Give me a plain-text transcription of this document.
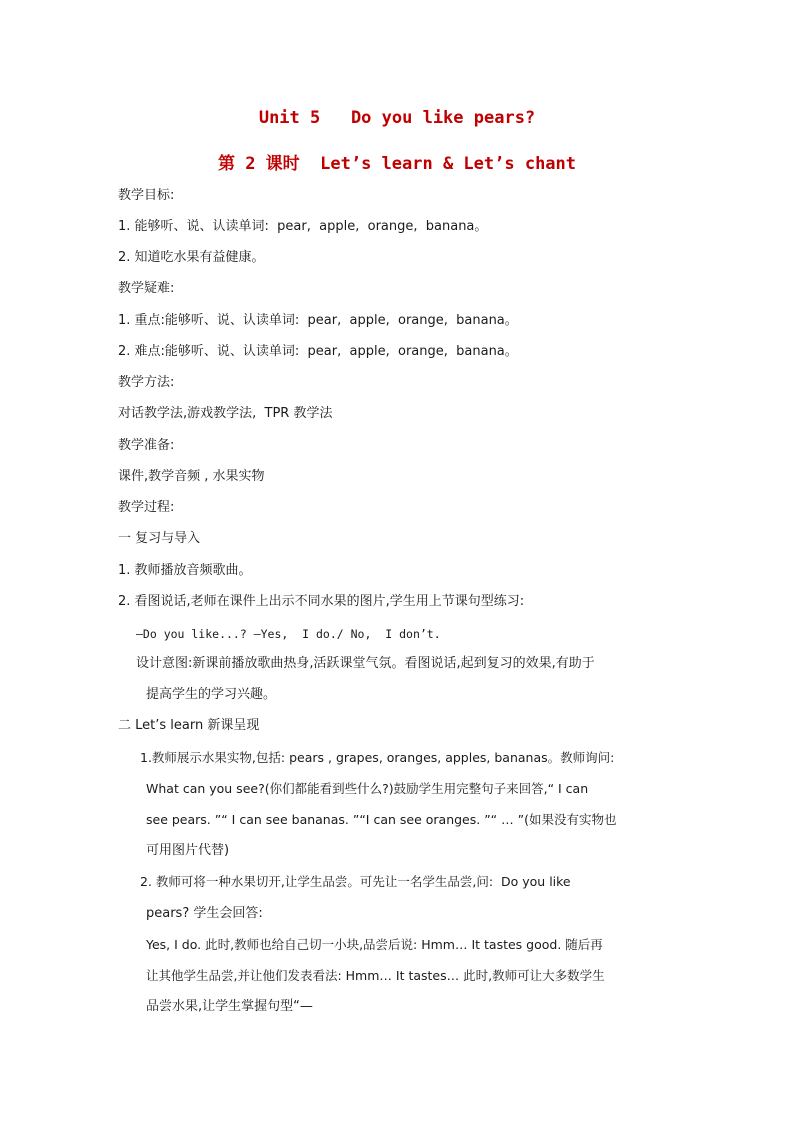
Unit 5   Do you like pears?
第 2 课时  Let’s learn & Let’s chant
教学目标:
1. 能够听、说、认读单词:  pear,  apple,  orange,  banana。
2. 知道吃水果有益健康。
教学疑难:
1. 重点:能够听、说、认读单词:  pear,  apple,  orange,  banana。
2. 难点:能够听、说、认读单词:  pear,  apple,  orange,  banana。
教学方法:
对话教学法,游戏教学法,  TPR 教学法
教学准备:
课件,教学音频 , 水果实物
教学过程:
一 复习与导入
1. 教师播放音频歌曲。
2. 看图说话,老师在课件上出示不同水果的图片,学生用上节课句型练习:
—Do you like...? —Yes,  I do./ No,  I don’t.
设计意图:新课前播放歌曲热身,活跃课堂气氛。看图说话,起到复习的效果,有助于
提高学生的学习兴趣。
二 Let’s learn 新课呈现
1.教师展示水果实物,包括: pears , grapes, oranges, apples, bananas。教师询问:
What can you see?(你们都能看到些什么?)鼓励学生用完整句子来回答,“ I can
see pears. ”“ I can see bananas. ”“I can see oranges. ”“ … ”(如果没有实物也
可用图片代替)
2. 教师可将一种水果切开,让学生品尝。可先让一名学生品尝,问:  Do you like
pears? 学生会回答:
Yes, I do. 此时,教师也给自己切一小块,品尝后说: Hmm… It tastes good. 随后再
让其他学生品尝,并让他们发表看法: Hmm… It tastes… 此时,教师可让大多数学生
品尝水果,让学生掌握句型“—
